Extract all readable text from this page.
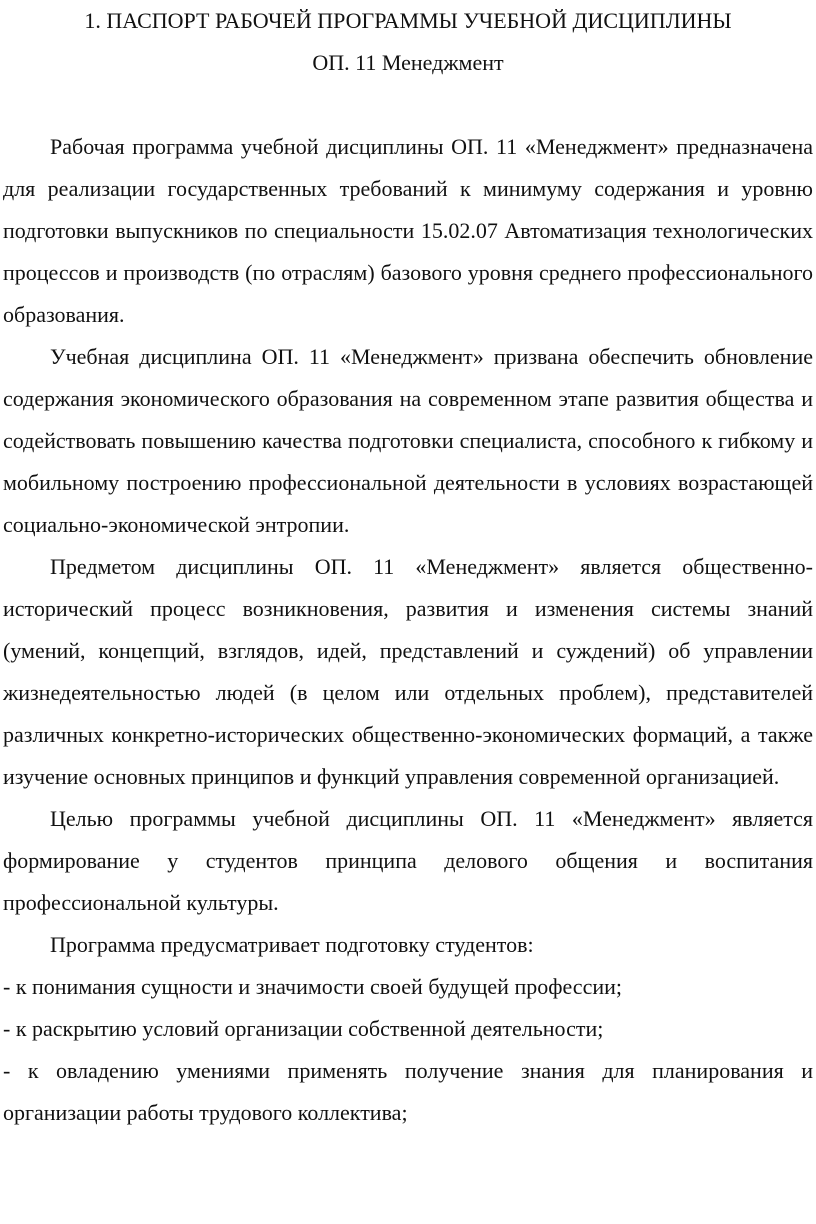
1. ПАСПОРТ РАБОЧЕЙ ПРОГРАММЫ УЧЕБНОЙ ДИСЦИПЛИНЫ
ОП. 11 Менеджмент

Рабочая программа учебной дисциплины ОП. 11 «Менеджмент» предназначена для реализации государственных требований к минимуму содержания и уровню подготовки выпускников по специальности 15.02.07 Автоматизация технологических процессов и производств (по отраслям) базового уровня среднего профессионального образования.

Учебная дисциплина ОП. 11 «Менеджмент» призвана обеспечить обновление содержания экономического образования на современном этапе развития общества и содействовать повышению качества подготовки специалиста, способного к гибкому и мобильному построению профессиональной деятельности в условиях возрастающей социально-экономической энтропии.

Предметом дисциплины ОП. 11 «Менеджмент» является общественно-исторический процесс возникновения, развития и изменения системы знаний (умений, концепций, взглядов, идей, представлений и суждений) об управлении жизнедеятельностью людей (в целом или отдельных проблем), представителей различных конкретно-исторических общественно-экономических формаций, а также изучение основных принципов и функций управления современной организацией.

Целью программы учебной дисциплины ОП. 11 «Менеджмент» является формирование у студентов принципа делового общения и воспитания профессиональной культуры.

Программа предусматривает подготовку студентов:

- к понимания сущности и значимости своей будущей профессии;

- к раскрытию условий организации собственной деятельности;

- к овладению умениями применять получение знания для планирования и организации работы трудового коллектива;
